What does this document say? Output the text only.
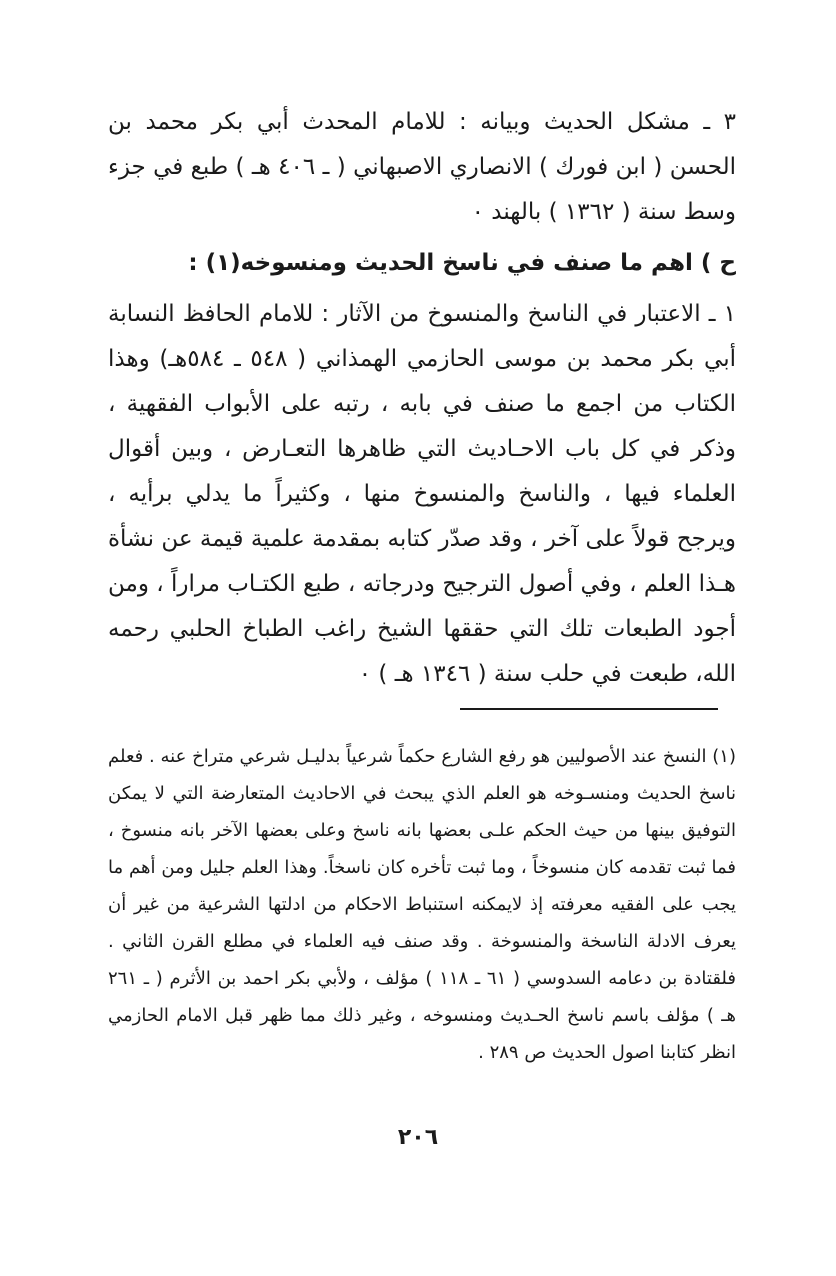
٣ ـ مشكل الحديث وبيانه : للامام المحدث أبي بكر محمد بن الحسن ( ابن فورك ) الانصاري الاصبهاني ( ـ ٤٠٦ هـ ) طبع في جزء وسط سنة ( ١٣٦٢ ) بالهند ٠

ح ) اهم ما صنف في ناسخ الحديث ومنسوخه(١) :

١ ـ الاعتبار في الناسخ والمنسوخ من الآثار : للامام الحافظ النسابة أبي بكر محمد بن موسى الحازمي الهمذاني ( ٥٤٨ ـ ٥٨٤هـ) وهذا الكتاب من اجمع ما صنف في بابه ، رتبه على الأبواب الفقهية ، وذكر في كل باب الاحـاديث التي ظاهرها التعـارض ، وبين أقوال العلماء فيها ، والناسخ والمنسوخ منها ، وكثيراً ما يدلي برأيه ، ويرجح قولاً على آخر ، وقد صدّر كتابه بمقدمة علمية قيمة عن نشأة هـذا العلم ، وفي أصول الترجيح ودرجاته ، طبع الكتـاب مراراً ، ومن أجود الطبعات تلك التي حققها الشيخ راغب الطباخ الحلبي رحمه الله، طبعت في حلب سنة ( ١٣٤٦ هـ ) ٠

(١) النسخ عند الأصوليين هو رفع الشارع حكماً شرعياً بدليـل شرعي متراخ عنه . فعلم ناسخ الحديث ومنسـوخه هو العلم الذي يبحث في الاحاديث المتعارضة التي لا يمكن التوفيق بينها من حيث الحكم علـى بعضها بانه ناسخ وعلى بعضها الآخر بانه منسوخ ، فما ثبت تقدمه كان منسوخاً ، وما ثبت تأخره كان ناسخاً. وهذا العلم جليل ومن أهم ما يجب على الفقيه معرفته إذ لايمكنه استنباط الاحكام من ادلتها الشرعية من غير أن يعرف الادلة الناسخة والمنسوخة . وقد صنف فيه العلماء في مطلع القرن الثاني . فلقتادة بن دعامه السدوسي ( ٦١ ـ ١١٨ ) مؤلف ، ولأبي بكر احمد بن الأثرم ( ـ ٢٦١ هـ ) مؤلف باسم ناسخ الحـديث ومنسوخه ، وغير ذلك مما ظهر قبل الامام الحازمي انظر كتابنا اصول الحديث ص ٢٨٩ .

٢٠٦
